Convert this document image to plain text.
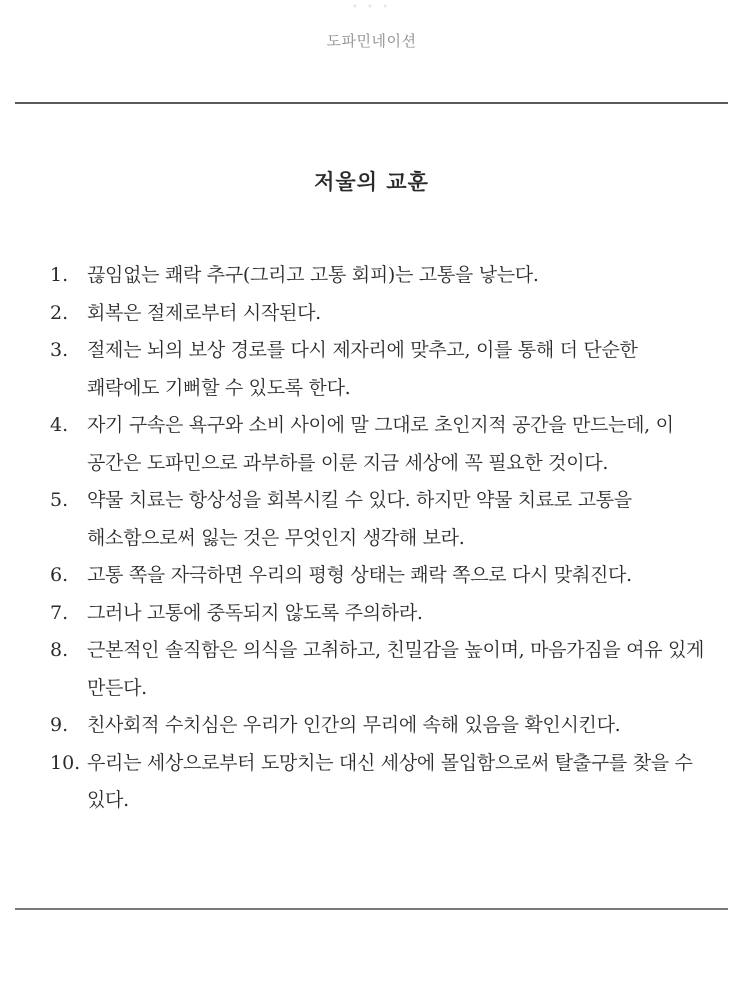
• • •
도파민네이션
저울의 교훈
1. 끊임없는 쾌락 추구(그리고 고통 회피)는 고통을 낳는다.
2. 회복은 절제로부터 시작된다.
3. 절제는 뇌의 보상 경로를 다시 제자리에 맞추고, 이를 통해 더 단순한 쾌락에도 기뻐할 수 있도록 한다.
4. 자기 구속은 욕구와 소비 사이에 말 그대로 초인지적 공간을 만드는데, 이 공간은 도파민으로 과부하를 이룬 지금 세상에 꼭 필요한 것이다.
5. 약물 치료는 항상성을 회복시킬 수 있다. 하지만 약물 치료로 고통을 해소함으로써 잃는 것은 무엇인지 생각해 보라.
6. 고통 쪽을 자극하면 우리의 평형 상태는 쾌락 쪽으로 다시 맞춰진다.
7. 그러나 고통에 중독되지 않도록 주의하라.
8. 근본적인 솔직함은 의식을 고취하고, 친밀감을 높이며, 마음가짐을 여유 있게 만든다.
9. 친사회적 수치심은 우리가 인간의 무리에 속해 있음을 확인시킨다.
10. 우리는 세상으로부터 도망치는 대신 세상에 몰입함으로써 탈출구를 찾을 수 있다.
